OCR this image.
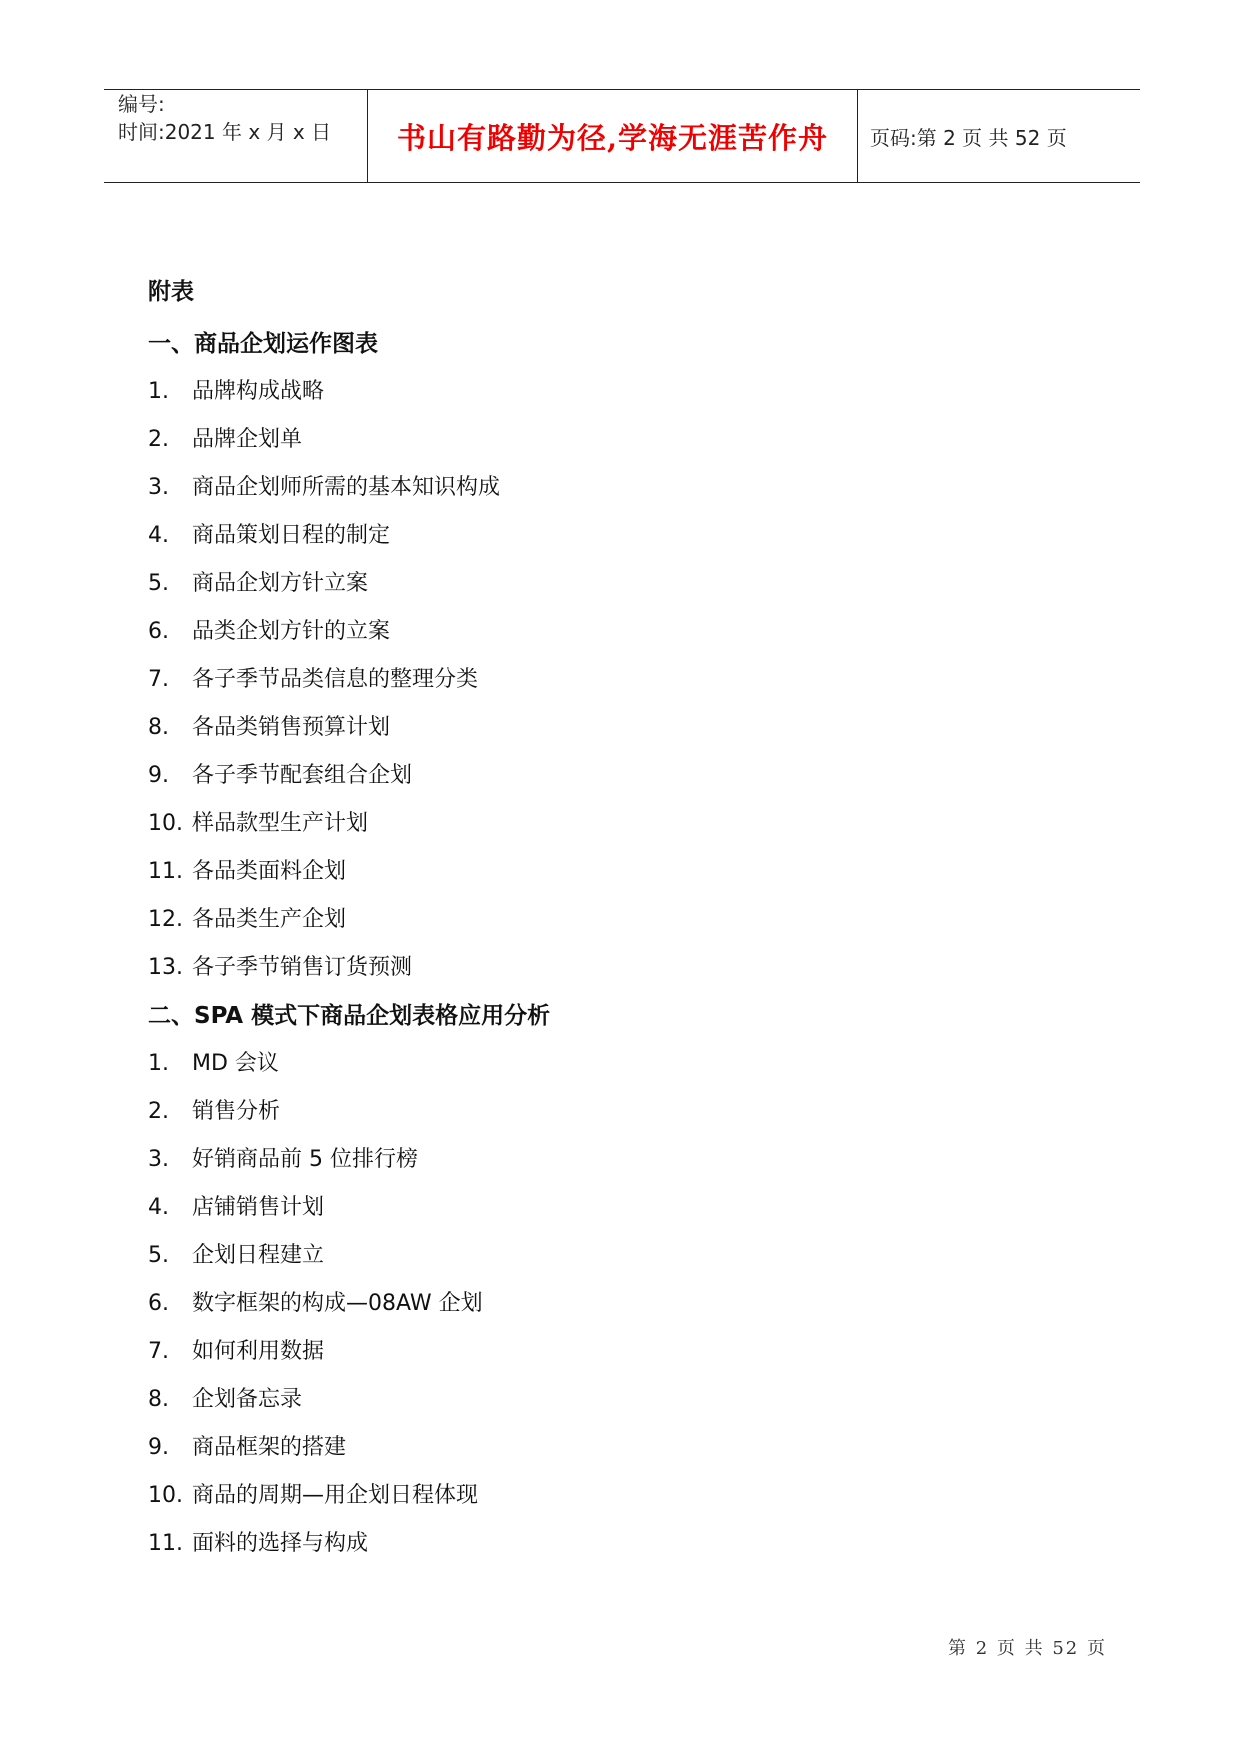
编号:
时间:2021 年 x 月 x 日 书山有路勤为径,学海无涯苦作舟 页码:第 2 页 共 52 页
附表
一、商品企划运作图表
1.	品牌构成战略
2.	品牌企划单
3.	商品企划师所需的基本知识构成
4.	商品策划日程的制定
5.	商品企划方针立案
6.	品类企划方针的立案
7.	各子季节品类信息的整理分类
8.	各品类销售预算计划
9.	各子季节配套组合企划
10. 样品款型生产计划
11. 各品类面料企划
12. 各品类生产企划
13. 各子季节销售订货预测
二、SPA 模式下商品企划表格应用分析
1.	MD 会议
2.	销售分析
3.	好销商品前 5 位排行榜
4.	店铺销售计划
5.	企划日程建立
6.	数字框架的构成—08AW 企划
7.	如何利用数据
8.	企划备忘录
9.	商品框架的搭建
10. 商品的周期—用企划日程体现
11. 面料的选择与构成
第 2 页 共 52 页
